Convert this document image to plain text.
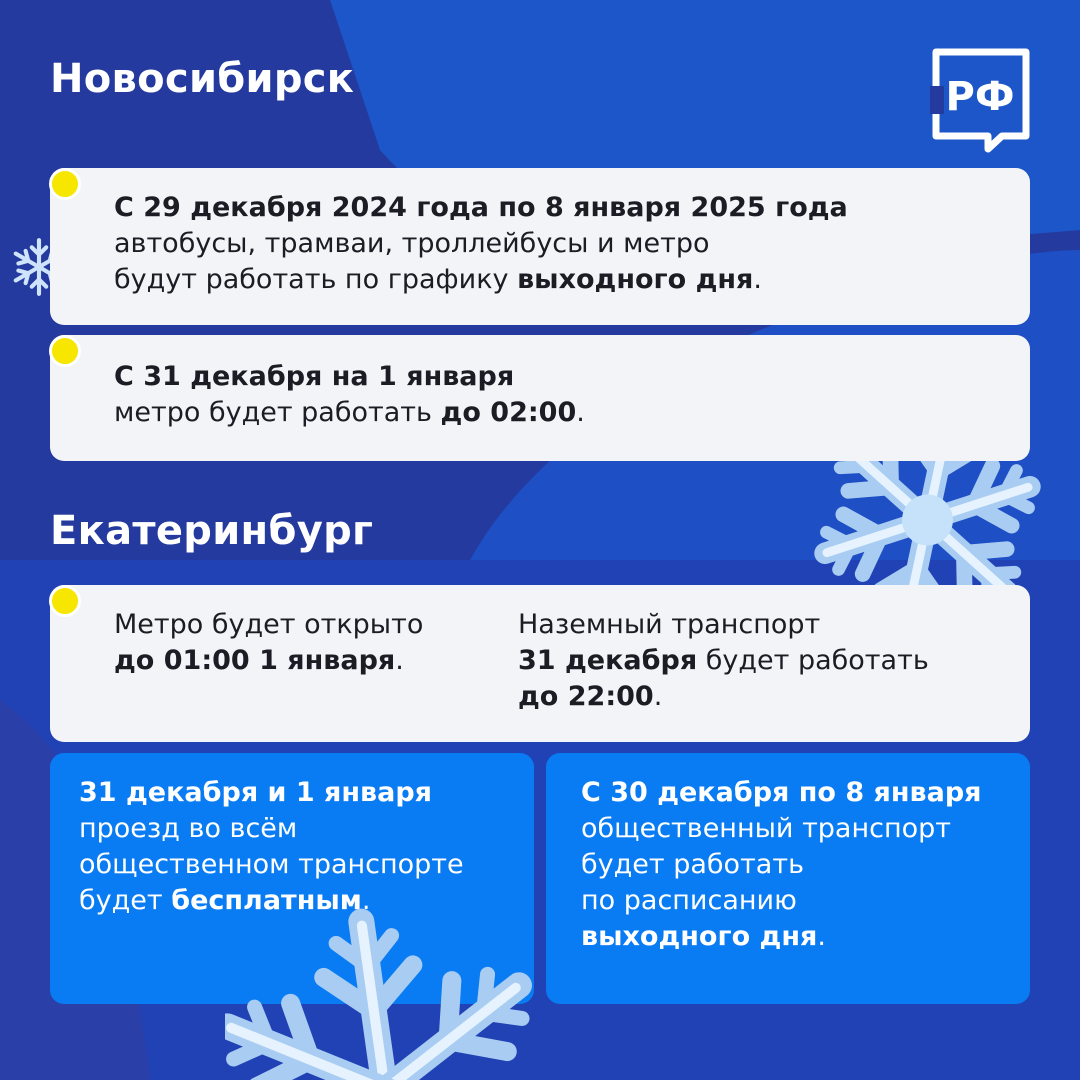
РФ
Новосибирск
С 29 декабря 2024 года по 8 января 2025 года
автобусы, трамваи, троллейбусы и метро
будут работать по графику выходного дня.
С 31 декабря на 1 января
метро будет работать до 02:00.
Екатеринбург
Метро будет открыто
до 01:00 1 января.
Наземный транспорт
31 декабря будет работать
до 22:00.
31 декабря и 1 января
проезд во всём
общественном транспорте
будет бесплатным.
С 30 декабря по 8 января
общественный транспорт
будет работать
по расписанию
выходного дня.
